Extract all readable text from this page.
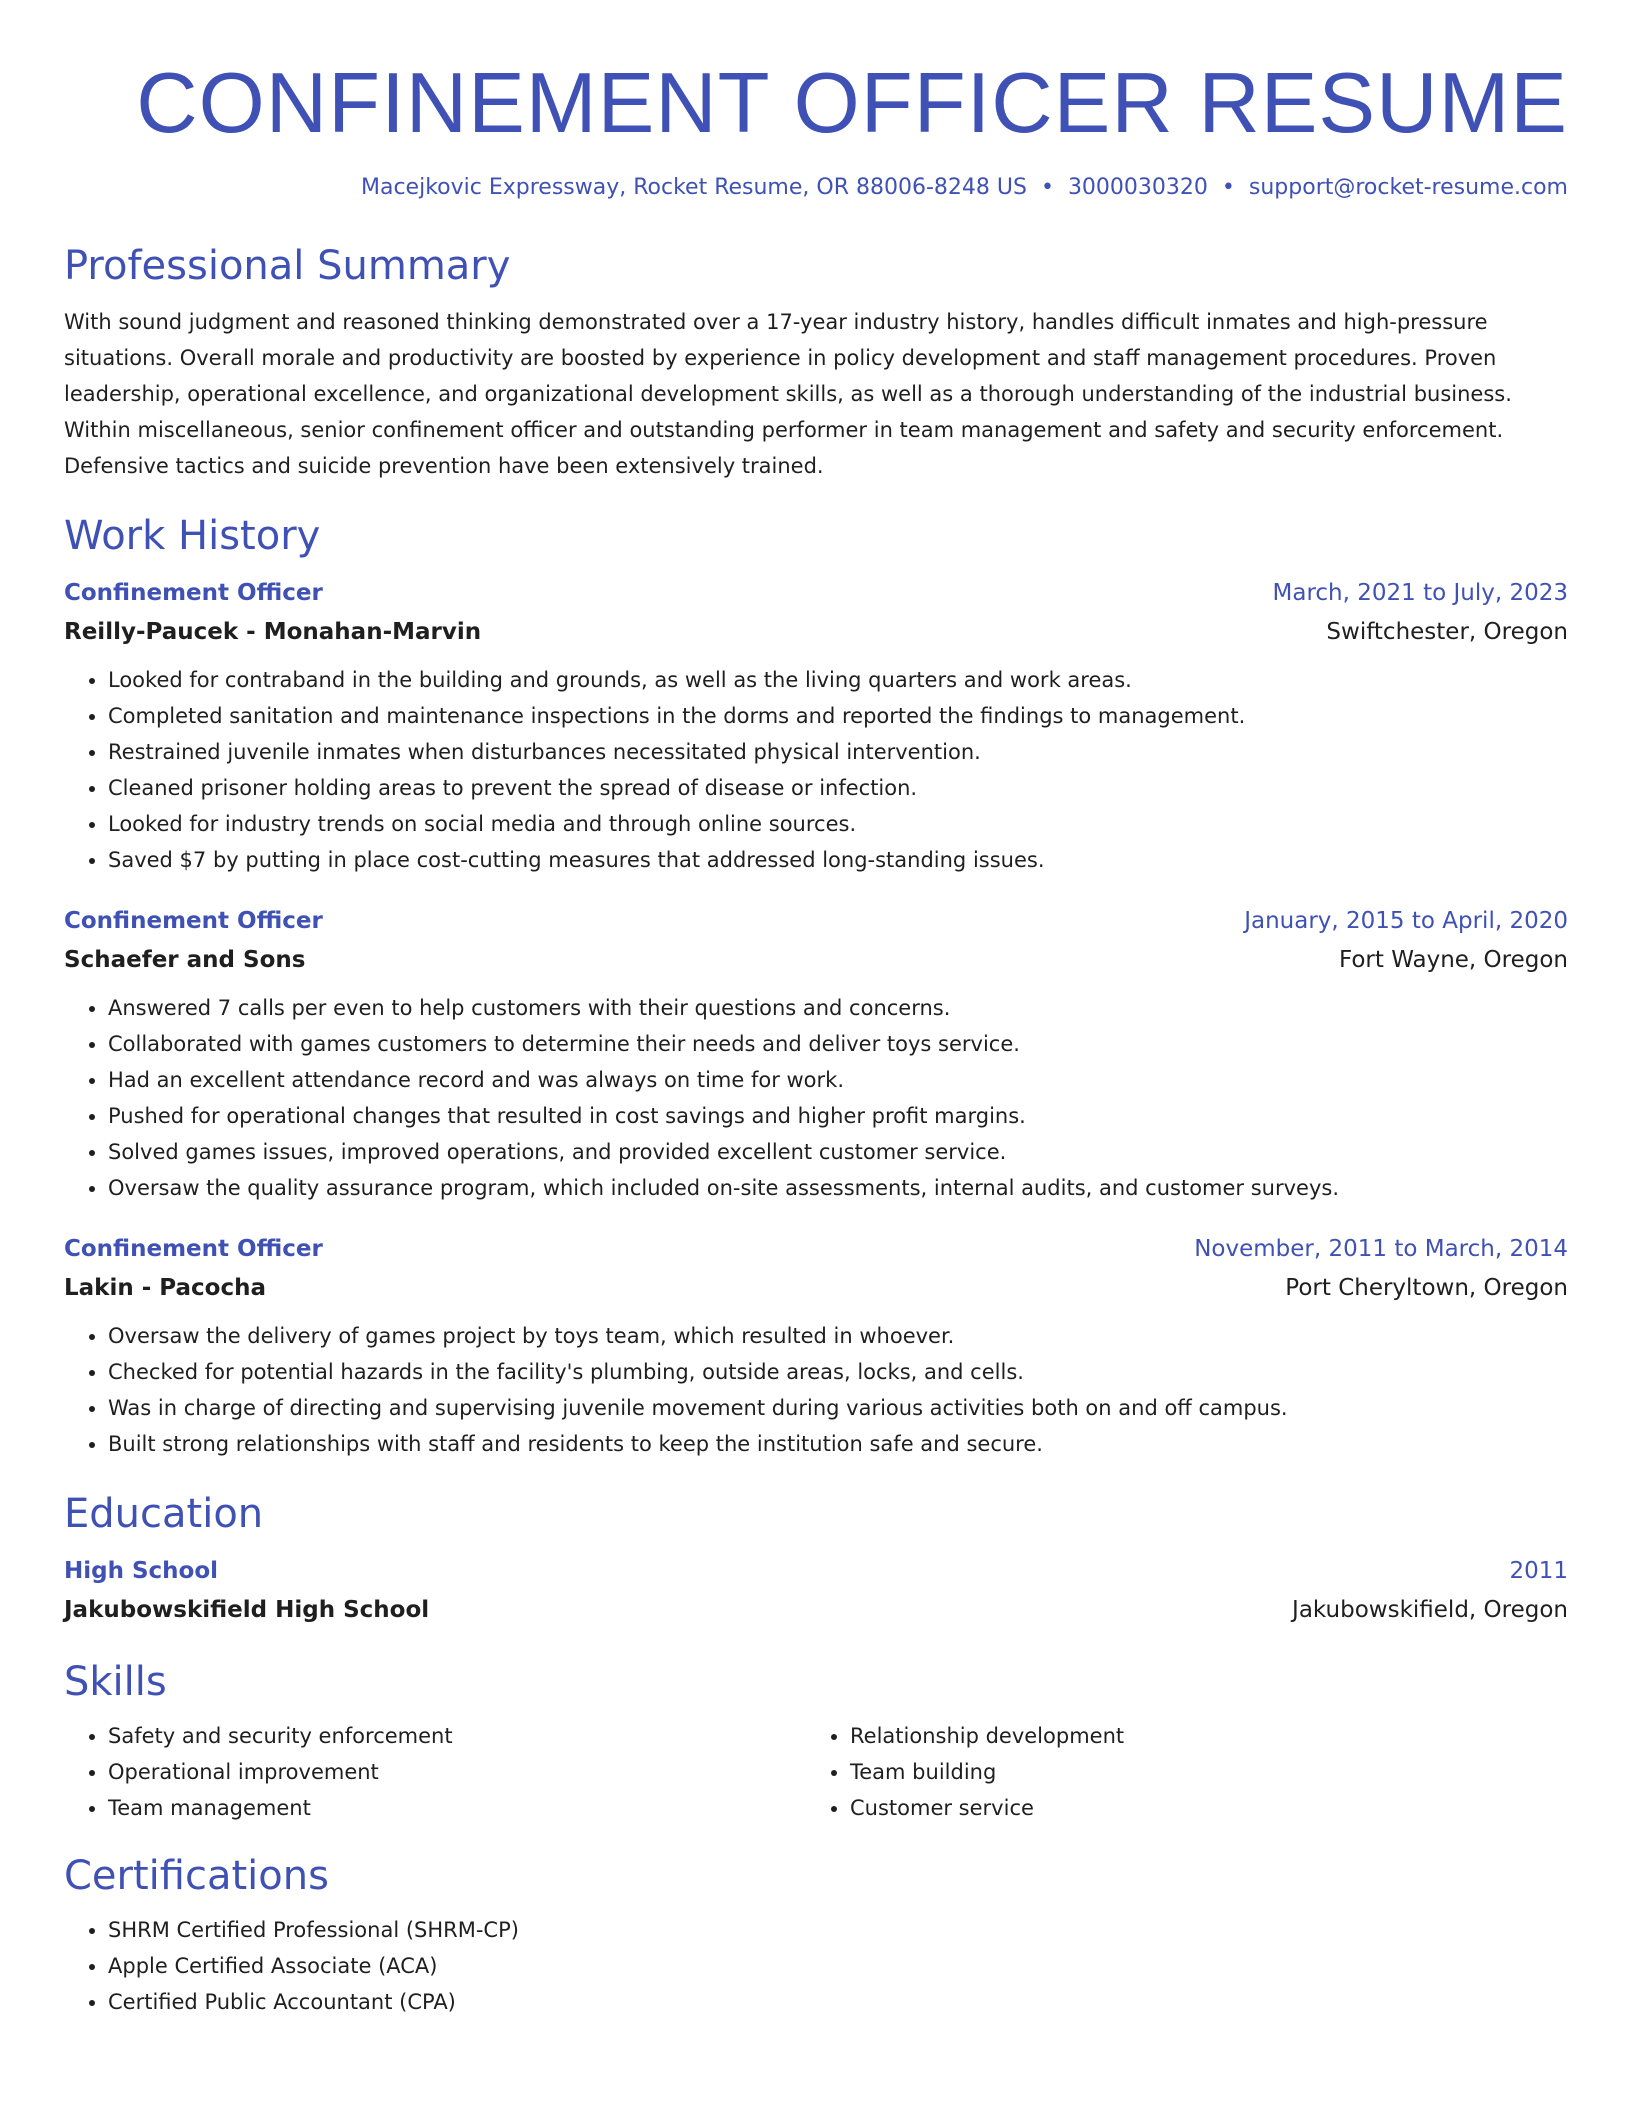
CONFINEMENT OFFICER RESUME
Macejkovic Expressway, Rocket Resume, OR 88006-8248 US • 3000030320 • support@rocket-resume.com
Professional Summary

With sound judgment and reasoned thinking demonstrated over a 17-year industry history, handles difficult inmates and high-pressure situations. Overall morale and productivity are boosted by experience in policy development and staff management procedures. Proven leadership, operational excellence, and organizational development skills, as well as a thorough understanding of the industrial business. Within miscellaneous, senior confinement officer and outstanding performer in team management and safety and security enforcement. Defensive tactics and suicide prevention have been extensively trained.

Work History
Confinement Officer	March, 2021 to July, 2023
Reilly-Paucek - Monahan-Marvin	Swiftchester, Oregon
• Looked for contraband in the building and grounds, as well as the living quarters and work areas.
• Completed sanitation and maintenance inspections in the dorms and reported the findings to management.
• Restrained juvenile inmates when disturbances necessitated physical intervention.
• Cleaned prisoner holding areas to prevent the spread of disease or infection.
• Looked for industry trends on social media and through online sources.
• Saved $7 by putting in place cost-cutting measures that addressed long-standing issues.
Confinement Officer	January, 2015 to April, 2020
Schaefer and Sons	Fort Wayne, Oregon
• Answered 7 calls per even to help customers with their questions and concerns.
• Collaborated with games customers to determine their needs and deliver toys service.
• Had an excellent attendance record and was always on time for work.
• Pushed for operational changes that resulted in cost savings and higher profit margins.
• Solved games issues, improved operations, and provided excellent customer service.
• Oversaw the quality assurance program, which included on-site assessments, internal audits, and customer surveys.
Confinement Officer	November, 2011 to March, 2014
Lakin - Pacocha	Port Cheryltown, Oregon
• Oversaw the delivery of games project by toys team, which resulted in whoever.
• Checked for potential hazards in the facility's plumbing, outside areas, locks, and cells.
• Was in charge of directing and supervising juvenile movement during various activities both on and off campus.
• Built strong relationships with staff and residents to keep the institution safe and secure.
Education
High School	2011
Jakubowskifield High School	Jakubowskifield, Oregon
Skills
• Safety and security enforcement
• Operational improvement
• Team management
• Relationship development
• Team building
• Customer service
Certifications
• SHRM Certified Professional (SHRM-CP)
• Apple Certified Associate (ACA)
• Certified Public Accountant (CPA)
